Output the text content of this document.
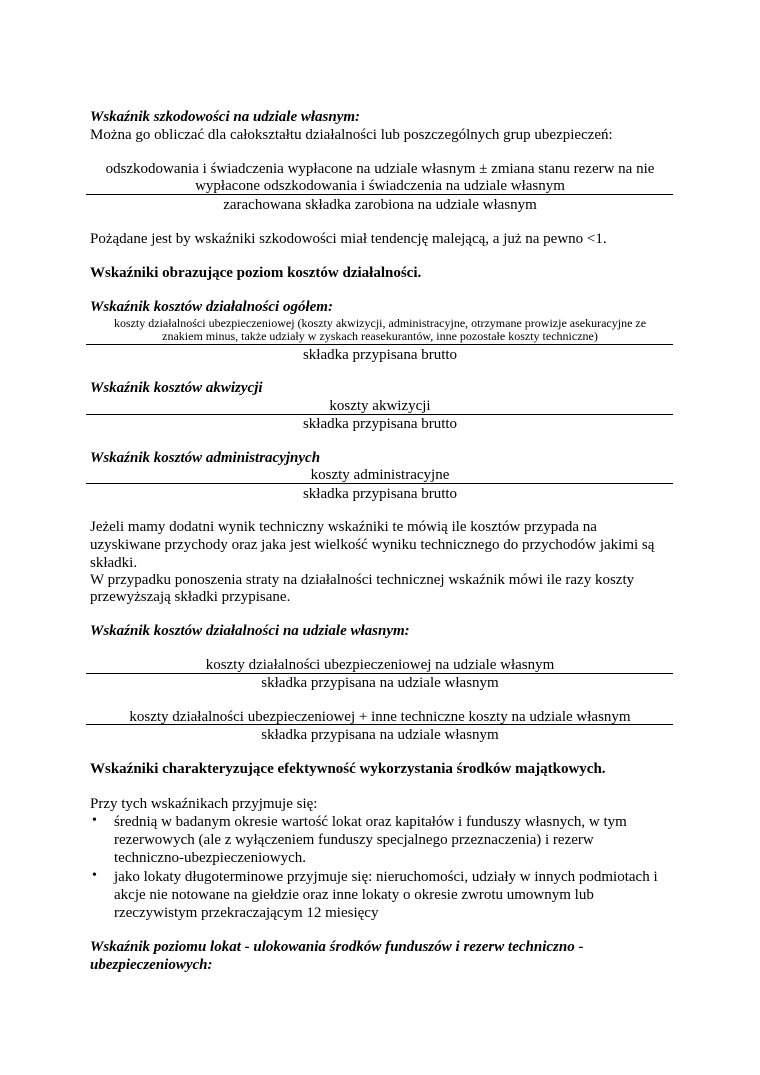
Wskaźnik szkodowości na udziale własnym:
Można go obliczać dla całokształtu działalności lub poszczególnych grup ubezpieczeń:
odszkodowania i świadczenia wypłacone na udziale własnym ± zmiana stanu rezerw na nie
wypłacone odszkodowania i świadczenia na udziale własnym
zarachowana składka zarobiona na udziale własnym
Pożądane jest by wskaźniki szkodowości miał tendencję malejącą, a już na pewno <1.
Wskaźniki obrazujące poziom kosztów działalności.
Wskaźnik kosztów działalności ogółem:
koszty działalności ubezpieczeniowej (koszty akwizycji, administracyjne, otrzymane prowizje asekuracyjne ze
znakiem minus, także udziały w zyskach reasekurantów, inne pozostałe koszty techniczne)
składka przypisana brutto
Wskaźnik kosztów akwizycji
koszty akwizycji
składka przypisana brutto
Wskaźnik kosztów administracyjnych
koszty administracyjne
składka przypisana brutto
Jeżeli mamy dodatni wynik techniczny wskaźniki te mówią ile kosztów przypada na
uzyskiwane przychody oraz jaka jest wielkość wyniku technicznego do przychodów jakimi są
składki.
W przypadku ponoszenia straty na działalności technicznej wskaźnik mówi ile razy koszty
przewyższają składki przypisane.
Wskaźnik kosztów działalności na udziale własnym:
koszty działalności ubezpieczeniowej na udziale własnym
składka przypisana na udziale własnym
koszty działalności ubezpieczeniowej + inne techniczne koszty na udziale własnym
składka przypisana na udziale własnym
Wskaźniki charakteryzujące efektywność wykorzystania środków majątkowych.
Przy tych wskaźnikach przyjmuje się:
• średnią w badanym okresie wartość lokat oraz kapitałów i funduszy własnych, w tym
rezerwowych (ale z wyłączeniem funduszy specjalnego przeznaczenia) i rezerw
techniczno-ubezpieczeniowych.
• jako lokaty długoterminowe przyjmuje się: nieruchomości, udziały w innych podmiotach i
akcje nie notowane na giełdzie oraz inne lokaty o okresie zwrotu umownym lub
rzeczywistym przekraczającym 12 miesięcy
Wskaźnik poziomu lokat - ulokowania środków funduszów i rezerw techniczno -
ubezpieczeniowych:
